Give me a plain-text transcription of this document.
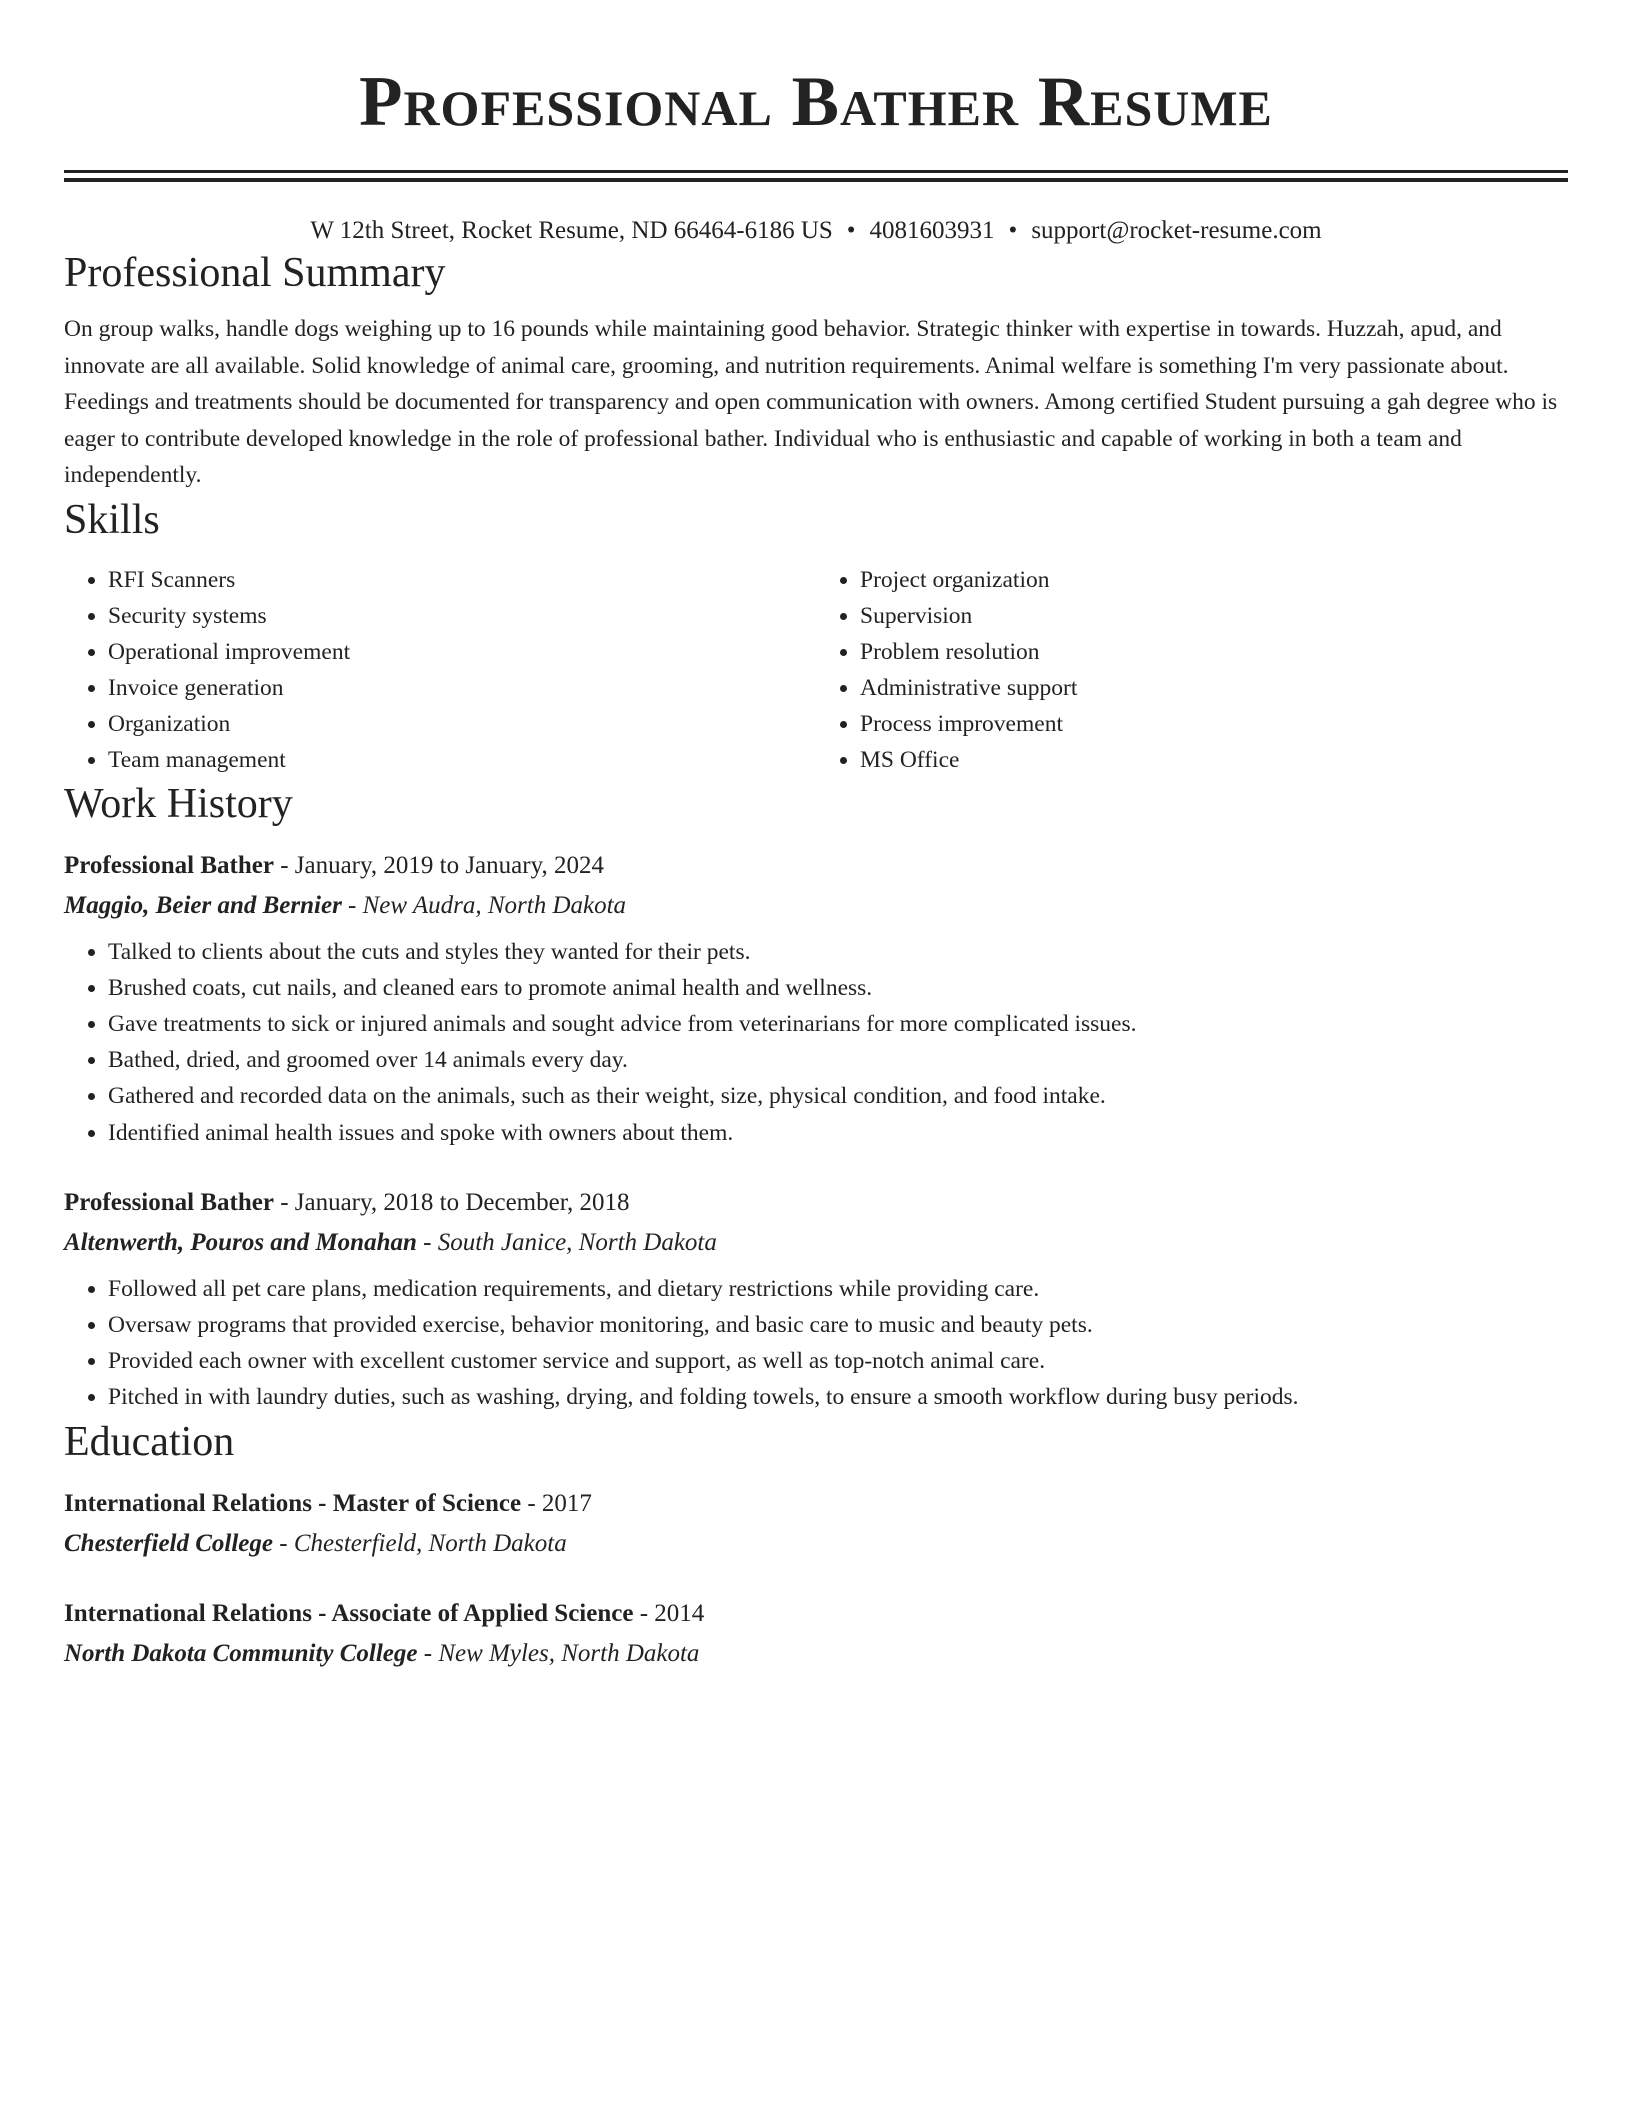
Professional Bather Resume
W 12th Street, Rocket Resume, ND 66464-6186 US • 4081603931 • support@rocket-resume.com
Professional Summary

On group walks, handle dogs weighing up to 16 pounds while maintaining good behavior. Strategic thinker with expertise in towards. Huzzah, apud, and innovate are all available. Solid knowledge of animal care, grooming, and nutrition requirements. Animal welfare is something I'm very passionate about. Feedings and treatments should be documented for transparency and open communication with owners. Among certified Student pursuing a gah degree who is eager to contribute developed knowledge in the role of professional bather. Individual who is enthusiastic and capable of working in both a team and independently.

Skills
• RFI Scanners
• Security systems
• Operational improvement
• Invoice generation
• Organization
• Team management
• Project organization
• Supervision
• Problem resolution
• Administrative support
• Process improvement
• MS Office
Work History
Professional Bather - January, 2019 to January, 2024
Maggio, Beier and Bernier - New Audra, North Dakota
• Talked to clients about the cuts and styles they wanted for their pets.
• Brushed coats, cut nails, and cleaned ears to promote animal health and wellness.
• Gave treatments to sick or injured animals and sought advice from veterinarians for more complicated issues.
• Bathed, dried, and groomed over 14 animals every day.
• Gathered and recorded data on the animals, such as their weight, size, physical condition, and food intake.
• Identified animal health issues and spoke with owners about them.
Professional Bather - January, 2018 to December, 2018
Altenwerth, Pouros and Monahan - South Janice, North Dakota
• Followed all pet care plans, medication requirements, and dietary restrictions while providing care.
• Oversaw programs that provided exercise, behavior monitoring, and basic care to music and beauty pets.
• Provided each owner with excellent customer service and support, as well as top-notch animal care.
• Pitched in with laundry duties, such as washing, drying, and folding towels, to ensure a smooth workflow during busy periods.
Education
International Relations - Master of Science - 2017
Chesterfield College - Chesterfield, North Dakota
International Relations - Associate of Applied Science - 2014
North Dakota Community College - New Myles, North Dakota
